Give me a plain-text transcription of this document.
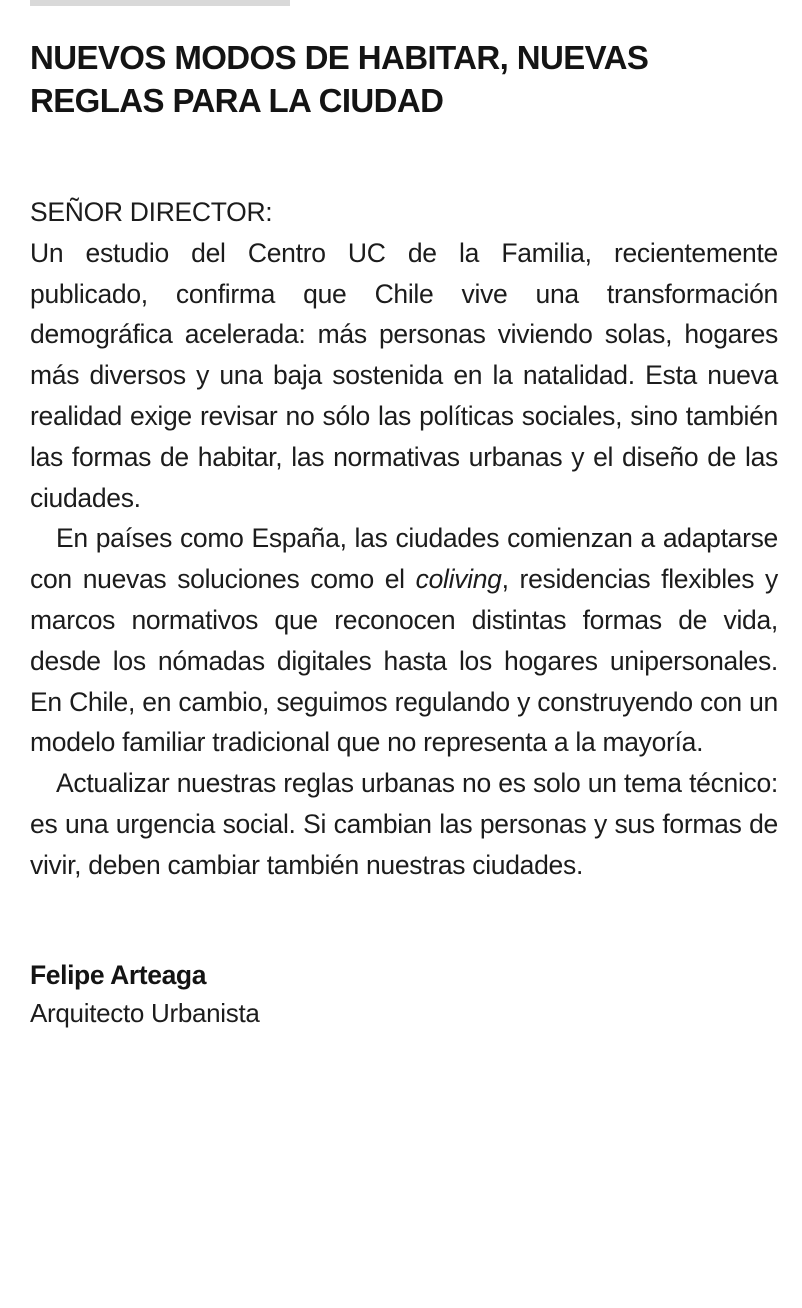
NUEVOS MODOS DE HABITAR, NUEVAS
REGLAS PARA LA CIUDAD

SEÑOR DIRECTOR:

Un estudio del Centro UC de la Familia, recientemente publicado, confirma que Chile vive una transformación demográfica acelerada: más personas viviendo solas, hogares más diversos y una baja sostenida en la natalidad. Esta nueva realidad exige revisar no sólo las políticas sociales, sino también las formas de habitar, las normativas urbanas y el diseño de las ciudades.

En países como España, las ciudades comienzan a adaptarse con nuevas soluciones como el coliving, residencias flexibles y marcos normativos que reconocen distintas formas de vida, desde los nómadas digitales hasta los hogares unipersonales. En Chile, en cambio, seguimos regulando y construyendo con un modelo familiar tradicional que no representa a la mayoría.

Actualizar nuestras reglas urbanas no es solo un tema técnico: es una urgencia social. Si cambian las personas y sus formas de vivir, deben cambiar también nuestras ciudades.

Felipe Arteaga

Arquitecto Urbanista
